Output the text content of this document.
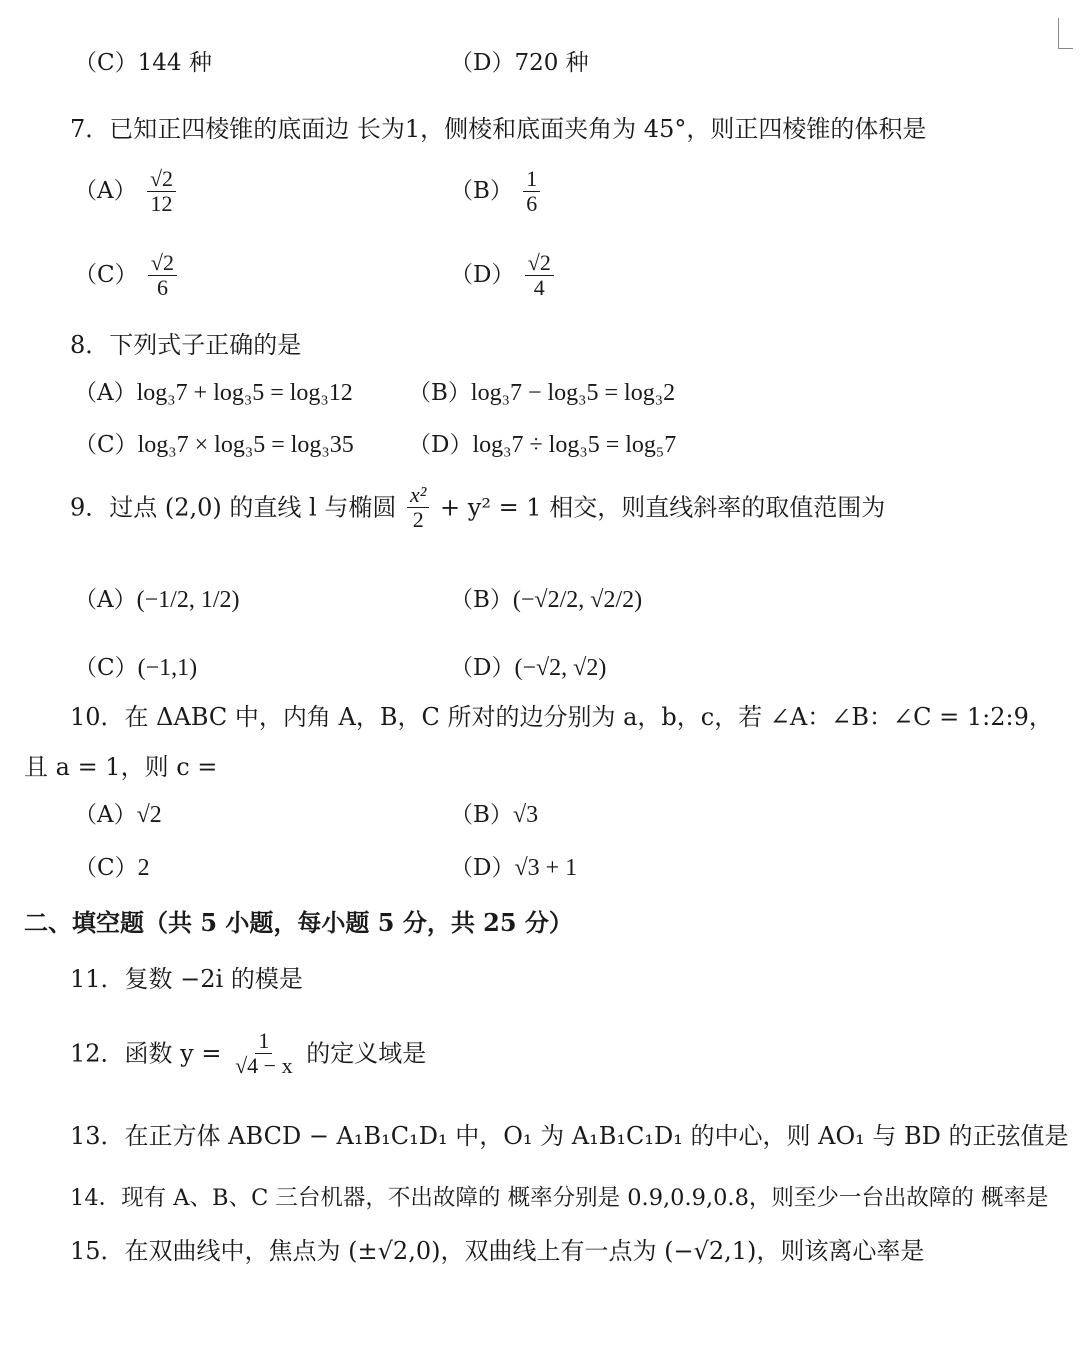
（C）144 种	（D）720 种
7．已知正四棱锥的底面边 长为1，侧棱和底面夹角为 45°，则正四棱锥的体积是
$(A) \frac{√2}{12}$	$(B) \frac{1}{6}$
$(C) \frac{√2}{6}$	$(D) \frac{√2}{4}$
8．下列式子正确的是
（A）log₃7 + log₃5 = log₃12 （B）log₃7 − log₃5 = log₃2
（C）log₃7 × log₃5 = log₃35 （D）log₃7 ÷ log₃5 = log₅7
9．过点 (2,0) 的直线 l 与椭圆 $\frac{\text{x²}}{2} + y^2 = 1$ 相交，则直线斜率的取值范围为
（A）(−1/2, 1/2)	（B）(−√2/2, √2/2)
（C）(−1,1)	（D）(−√2, √2)
10．在 ΔABC 中，内角 A，B，C 所对的边分别为 a，b，c，若 ∠A：∠B：∠C = 1:2:9，
且 a = 1，则 c =
（A）√2	（B）√3
（C）2	（D）√3 + 1
二、填空题（共 5 小题，每小题 5 分，共 25 分）
11．复数 −2i 的模是
12．函数 $y = \frac{1}{√4 - x}$ 的定义域是
13．在正方体 ABCD − A₁B₁C₁D₁ 中，O₁ 为 A₁B₁C₁D₁ 的中心，则 AO₁ 与 BD 的正弦值是
14．现有 A、B、C 三台机器，不出故障的 概率分别是 0.9,0.9,0.8，则至少一台出故障的 概率是
15．在双曲线中，焦点为 (±√2,0)，双曲线上有一点为 (−√2,1)，则该离心率是
